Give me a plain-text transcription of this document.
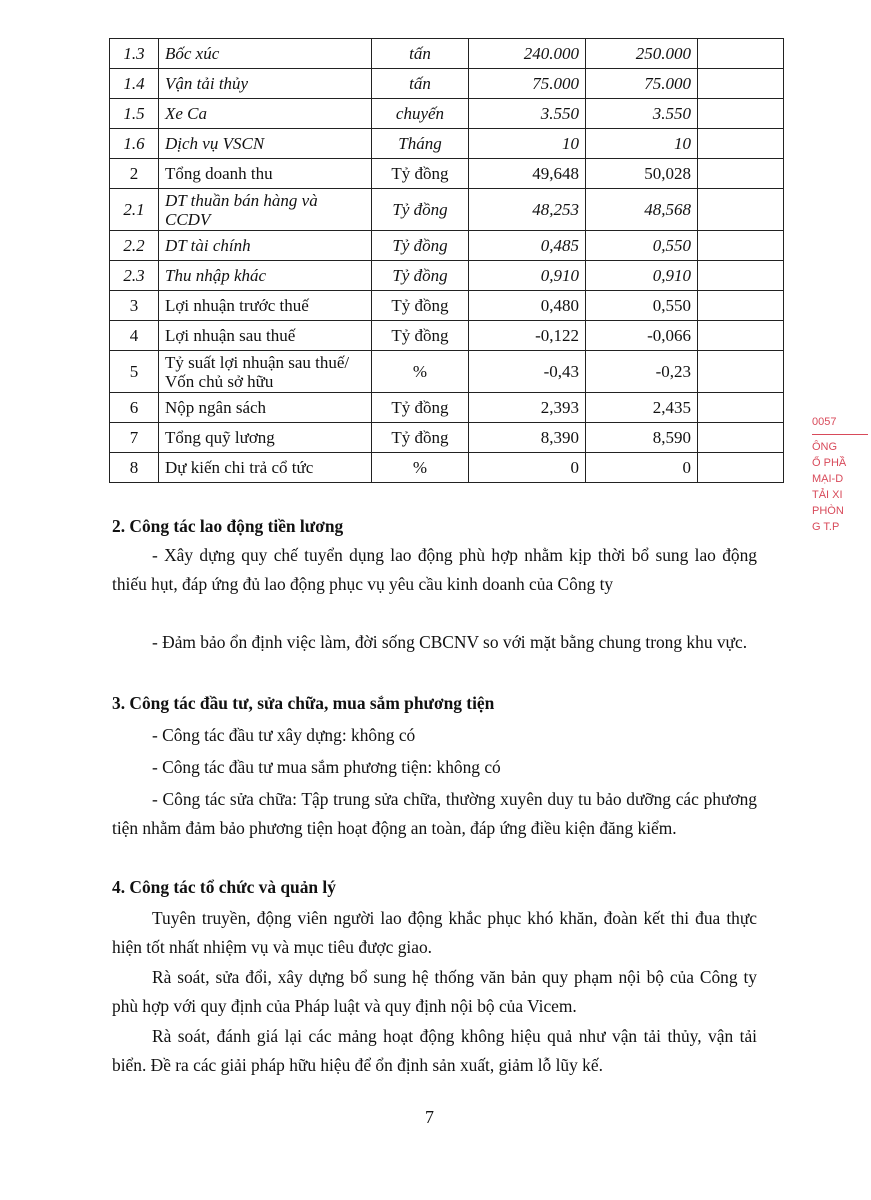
1.3	Bốc xúc	tấn	240.000	250.000	
1.4	Vận tải thủy	tấn	75.000	75.000	
1.5	Xe Ca	chuyến	3.550	3.550	
1.6	Dịch vụ VSCN	Tháng	10	10	
2	Tổng doanh thu	Tỷ đồng	49,648	50,028	
2.1	DT thuần bán hàng và CCDV	Tỷ đồng	48,253	48,568	
2.2	DT tài chính	Tỷ đồng	0,485	0,550	
2.3	Thu nhập khác	Tỷ đồng	0,910	0,910	
3	Lợi nhuận trước thuế	Tỷ đồng	0,480	0,550	
4	Lợi nhuận sau thuế	Tỷ đồng	-0,122	-0,066	
5	Tỷ suất lợi nhuận sau thuế/ Vốn chủ sở hữu	%	-0,43	-0,23	
6	Nộp ngân sách	Tỷ đồng	2,393	2,435	
7	Tổng quỹ lương	Tỷ đồng	8,390	8,590	
8	Dự kiến chi trả cổ tức	%	0	0	
2. Công tác lao động tiền lương
- Xây dựng quy chế tuyển dụng lao động phù hợp nhằm kịp thời bổ sung lao động thiếu hụt, đáp ứng đủ lao động phục vụ yêu cầu kinh doanh của Công ty
- Đảm bảo ổn định việc làm, đời sống CBCNV so với mặt bằng chung trong khu vực.
3. Công tác đầu tư, sửa chữa, mua sắm phương tiện
- Công tác đầu tư xây dựng: không có
- Công tác đầu tư mua sắm phương tiện: không có
- Công tác sửa chữa: Tập trung sửa chữa, thường xuyên duy tu bảo dưỡng các phương tiện nhằm đảm bảo phương tiện hoạt động an toàn, đáp ứng điều kiện đăng kiểm.
4. Công tác tổ chức và quản lý
Tuyên truyền, động viên người lao động khắc phục khó khăn, đoàn kết thi đua thực hiện tốt nhất nhiệm vụ và mục tiêu được giao.
Rà soát, sửa đổi, xây dựng bổ sung hệ thống văn bản quy phạm nội bộ của Công ty phù hợp với quy định của Pháp luật và quy định nội bộ của Vicem.
Rà soát, đánh giá lại các mảng hoạt động không hiệu quả như vận tải thủy, vận tải biển. Đề ra các giải pháp hữu hiệu để ổn định sản xuất, giảm lỗ lũy kế.
7
0057
ÔNG
Ổ PHẦ
MẠI-D
TẢI XI
PHÒN
G T.P
